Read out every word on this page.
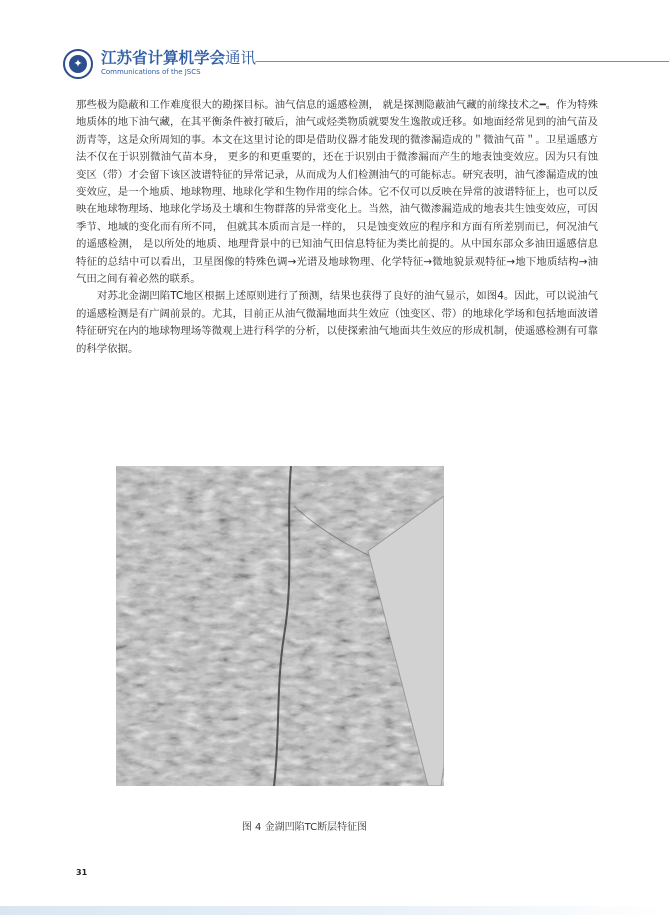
✦ 江苏省计算机学会通讯

Communications of the JSCS

那些极为隐蔽和工作难度很大的勘探目标。油气信息的遥感检测， 就是探测隐蔽油气藏的前缘技术之━。作为特殊地质体的地下油气藏，在其平衡条件被打破后，油气或烃类物质就要发生逸散或迁移。如地面经常见到的油气苗及沥青等，这是众所周知的事。本文在这里讨论的即是借助仪器才能发现的微渗漏造成的＂微油气苗＂。卫星遥感方法不仅在于识别微油气苗本身， 更多的和更重要的，还在于识别由于微渗漏而产生的地表蚀变效应。因为只有蚀变区（带）才会留下该区波谱特征的异常记录，从而成为人们检测油气的可能标志。研究表明，油气渗漏造成的蚀变效应，是一个地质、地球物理、地球化学和生物作用的综合体。它不仅可以反映在异常的波谱特征上，也可以反映在地球物理场、地球化学场及土壤和生物群落的异常变化上。当然，油气微渗漏造成的地表共生蚀变效应，可因季节、地域的变化而有所不同， 但就其本质而言是一样的， 只是蚀变效应的程序和方面有所差别而已，何况油气的遥感检测， 是以所处的地质、地理背景中的已知油气田信息特征为类比前提的。从中国东部众多油田遥感信息特征的总结中可以看出，卫星图像的特殊色调→光谱及地球物理、化学特征→微地貌景观特征→地下地质结构→油气田之间有着必然的联系。

对苏北金湖凹陷TC地区根据上述原则进行了预测，结果也获得了良好的油气显示，如图4。因此，可以说油气的遥感检测是有广阔前景的。尤其，目前正从油气微漏地面共生效应（蚀变区、带）的地球化学场和包括地面波谱特征研究在内的地球物理场等微观上进行科学的分析，以使探索油气地面共生效应的形成机制，使遥感检测有可靠的科学依据。

图 4 金湖凹陷TC断层特征图

31
